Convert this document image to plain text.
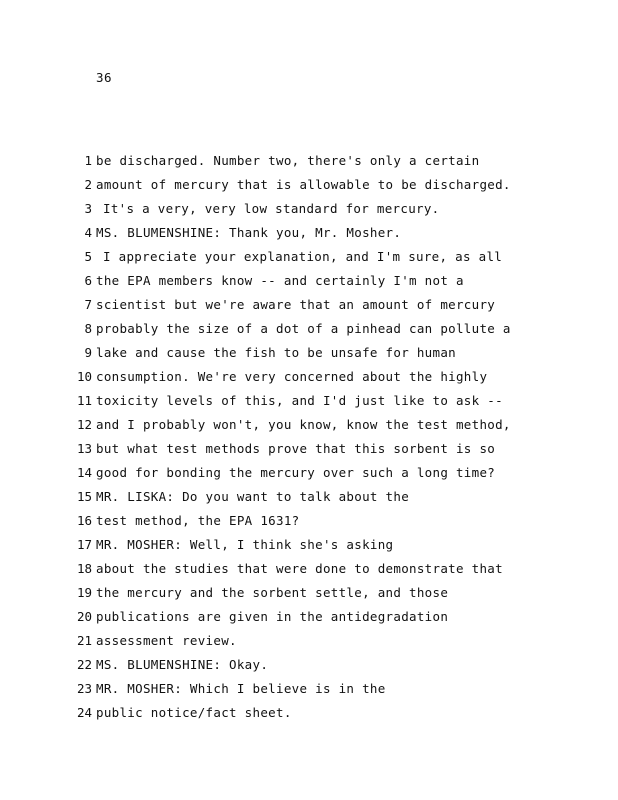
36
1 be discharged. Number two, there's only a certain
2 amount of mercury that is allowable to be discharged.
3 It's a very, very low standard for mercury.
4 MS. BLUMENSHINE: Thank you, Mr. Mosher.
5 I appreciate your explanation, and I'm sure, as all
6 the EPA members know -- and certainly I'm not a
7 scientist but we're aware that an amount of mercury
8 probably the size of a dot of a pinhead can pollute a
9 lake and cause the fish to be unsafe for human
10 consumption. We're very concerned about the highly
11 toxicity levels of this, and I'd just like to ask --
12 and I probably won't, you know, know the test method,
13 but what test methods prove that this sorbent is so
14 good for bonding the mercury over such a long time?
15 MR. LISKA: Do you want to talk about the
16 test method, the EPA 1631?
17 MR. MOSHER: Well, I think she's asking
18 about the studies that were done to demonstrate that
19 the mercury and the sorbent settle, and those
20 publications are given in the antidegradation
21 assessment review.
22 MS. BLUMENSHINE: Okay.
23 MR. MOSHER: Which I believe is in the
24 public notice/fact sheet.
